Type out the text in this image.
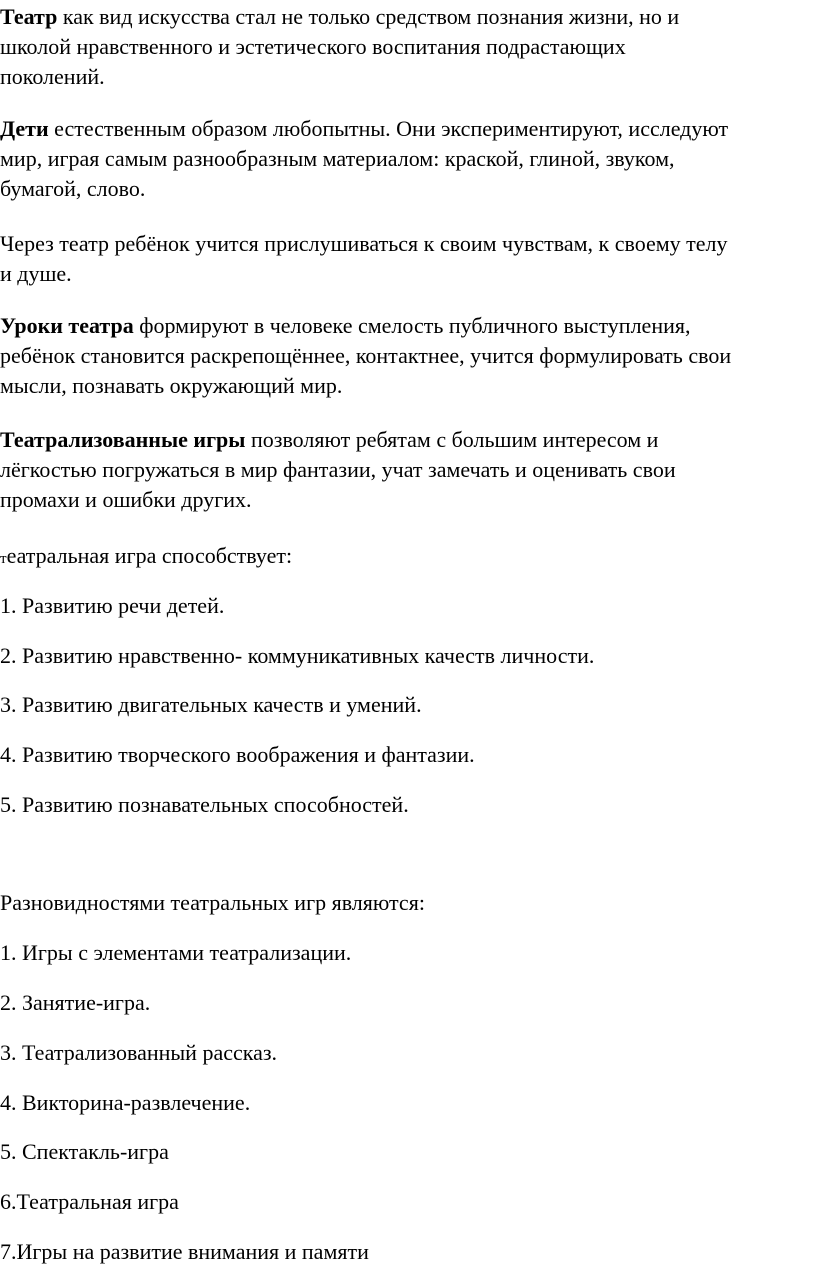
Театр как вид искусства стал не только средством познания жизни, но и
школой нравственного и эстетического воспитания подрастающих
поколений.
Дети естественным образом любопытны. Они экспериментируют, исследуют
мир, играя самым разнообразным материалом: краской, глиной, звуком,
бумагой, слово.
Через театр ребёнок учится прислушиваться к своим чувствам, к своему телу
и душе.
Уроки театра формируют в человеке смелость публичного выступления,
ребёнок становится раскрепощённее, контактнее, учится формулировать свои
мысли, познавать окружающий мир.
Театрализованные игры позволяют ребятам с большим интересом и
лёгкостью погружаться в мир фантазии, учат замечать и оценивать свои
промахи и ошибки других.
театральная игра способствует:
1. Развитию речи детей.
2. Развитию нравственно- коммуникативных качеств личности.
3. Развитию двигательных качеств и умений.
4. Развитию творческого воображения и фантазии.
5. Развитию познавательных способностей.
Разновидностями театральных игр являются:
1. Игры с элементами театрализации.
2. Занятие-игра.
3. Театрализованный рассказ.
4. Викторина-развлечение.
5. Спектакль-игра
6.Театральная игра
7.Игры на развитие внимания и памяти
